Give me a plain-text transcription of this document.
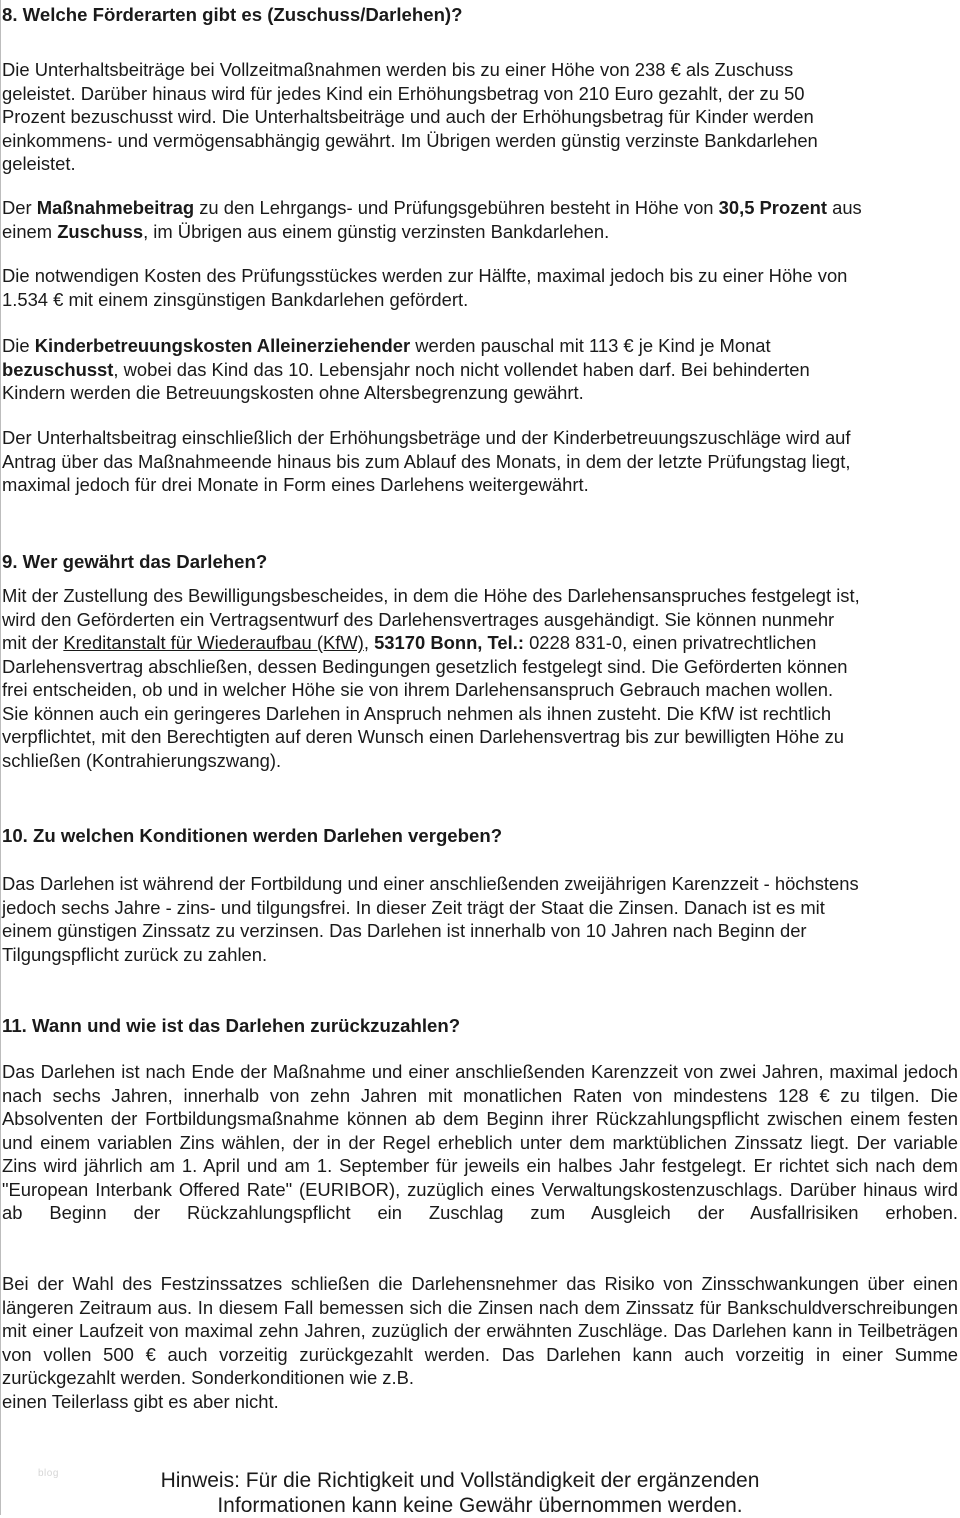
8. Welche Förderarten gibt es (Zuschuss/Darlehen)?

Die Unterhaltsbeiträge bei Vollzeitmaßnahmen werden bis zu einer Höhe von 238 € als Zuschuss
geleistet. Darüber hinaus wird für jedes Kind ein Erhöhungsbetrag von 210 Euro gezahlt, der zu 50
Prozent bezuschusst wird. Die Unterhaltsbeiträge und auch der Erhöhungsbetrag für Kinder werden
einkommens- und vermögensabhängig gewährt. Im Übrigen werden günstig verzinste Bankdarlehen
geleistet.

Der Maßnahmebeitrag zu den Lehrgangs- und Prüfungsgebühren besteht in Höhe von 30,5 Prozent aus
einem Zuschuss, im Übrigen aus einem günstig verzinsten Bankdarlehen.

Die notwendigen Kosten des Prüfungsstückes werden zur Hälfte, maximal jedoch bis zu einer Höhe von
1.534 € mit einem zinsgünstigen Bankdarlehen gefördert.

Die Kinderbetreuungskosten Alleinerziehender werden pauschal mit 113 € je Kind je Monat
bezuschusst, wobei das Kind das 10. Lebensjahr noch nicht vollendet haben darf. Bei behinderten
Kindern werden die Betreuungskosten ohne Altersbegrenzung gewährt.

Der Unterhaltsbeitrag einschließlich der Erhöhungsbeträge und der Kinderbetreuungszuschläge wird auf
Antrag über das Maßnahmeende hinaus bis zum Ablauf des Monats, in dem der letzte Prüfungstag liegt,
maximal jedoch für drei Monate in Form eines Darlehens weitergewährt.

9. Wer gewährt das Darlehen?

Mit der Zustellung des Bewilligungsbescheides, in dem die Höhe des Darlehensanspruches festgelegt ist,
wird den Geförderten ein Vertragsentwurf des Darlehensvertrages ausgehändigt. Sie können nunmehr
mit der Kreditanstalt für Wiederaufbau (KfW), 53170 Bonn, Tel.: 0228 831-0, einen privatrechtlichen
Darlehensvertrag abschließen, dessen Bedingungen gesetzlich festgelegt sind. Die Geförderten können
frei entscheiden, ob und in welcher Höhe sie von ihrem Darlehensanspruch Gebrauch machen wollen.
Sie können auch ein geringeres Darlehen in Anspruch nehmen als ihnen zusteht. Die KfW ist rechtlich
verpflichtet, mit den Berechtigten auf deren Wunsch einen Darlehensvertrag bis zur bewilligten Höhe zu
schließen (Kontrahierungszwang).

10. Zu welchen Konditionen werden Darlehen vergeben?

Das Darlehen ist während der Fortbildung und einer anschließenden zweijährigen Karenzzeit - höchstens
jedoch sechs Jahre - zins- und tilgungsfrei. In dieser Zeit trägt der Staat die Zinsen. Danach ist es mit
einem günstigen Zinssatz zu verzinsen. Das Darlehen ist innerhalb von 10 Jahren nach Beginn der
Tilgungspflicht zurück zu zahlen.

11. Wann und wie ist das Darlehen zurückzuzahlen?

Das Darlehen ist nach Ende der Maßnahme und einer anschließenden Karenzzeit von zwei Jahren, maximal jedoch nach sechs Jahren, innerhalb von zehn Jahren mit monatlichen Raten von mindestens 128 € zu tilgen. Die Absolventen der Fortbildungsmaßnahme können ab dem Beginn ihrer Rückzahlungspflicht zwischen einem festen und einem variablen Zins wählen, der in der Regel erheblich unter dem marktüblichen Zinssatz liegt. Der variable Zins wird jährlich am 1. April und am 1. September für jeweils ein halbes Jahr festgelegt. Er richtet sich nach dem "European Interbank Offered Rate" (EURIBOR), zuzüglich eines Verwaltungskostenzuschlags. Darüber hinaus wird ab Beginn der Rückzahlungspflicht ein Zuschlag zum Ausgleich der Ausfallrisiken erhoben.

Bei der Wahl des Festzinssatzes schließen die Darlehensnehmer das Risiko von Zinsschwankungen über einen längeren Zeitraum aus. In diesem Fall bemessen sich die Zinsen nach dem Zinssatz für Bankschuldverschreibungen mit einer Laufzeit von maximal zehn Jahren, zuzüglich der erwähnten Zuschläge. Das Darlehen kann in Teilbeträgen von vollen 500 € auch vorzeitig zurückgezahlt werden. Das Darlehen kann auch vorzeitig in einer Summe zurückgezahlt werden. Sonderkonditionen wie z.B.
einen Teilerlass gibt es aber nicht.

blog	Hinweis: Für die Richtigkeit und Vollständigkeit der ergänzenden
Informationen kann keine Gewähr übernommen werden.
